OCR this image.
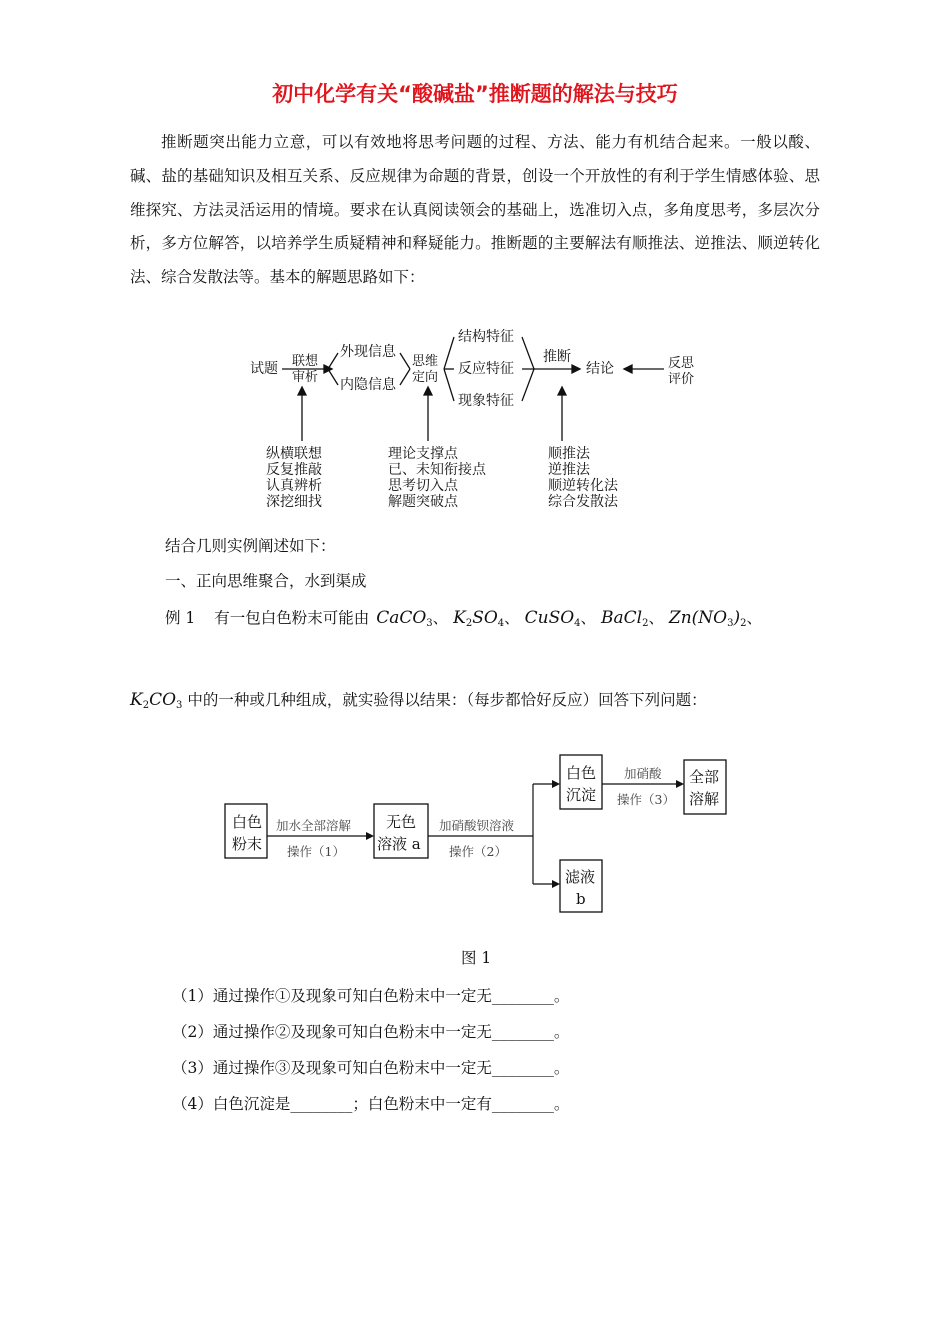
初中化学有关“酸碱盐”推断题的解法与技巧
推断题突出能力立意，可以有效地将思考问题的过程、方法、能力有机结合起来。一般以酸、碱、盐的基础知识及相互关系、反应规律为命题的背景，创设一个开放性的有利于学生情感体验、思维探究、方法灵活运用的情境。要求在认真阅读领会的基础上，选准切入点，多角度思考，多层次分析，多方位解答，以培养学生质疑精神和释疑能力。推断题的主要解法有顺推法、逆推法、顺逆转化法、综合发散法等。基本的解题思路如下：
试题 联想
审析
外现信息
内隐信息
思维
定向
结构特征
反应特征
现象特征
推断
结论	反思
评价
纵横联想
反复推敲
认真辨析
深挖细找
理论支撑点
已、未知衔接点
思考切入点
解题突破点
顺推法
逆推法
顺逆转化法
综合发散法
结合几则实例阐述如下：
一、正向思维聚合，水到渠成
例 1 有一包白色粉末可能由 CaCO$_3$、 $K_2SO_4$、 CuSO$_4$、 BaCl$_2$、 $Zn(NO_3)_2$、
$K_2CO_3$ 中的一种或几种组成，就实验得以结果：（每步都恰好反应）回答下列问题：
白色
粉末
无色
溶液 a
白色
沉淀
全部
溶解
滤液
b
加水全部溶解
操作（1）
加硝酸钡溶液
操作（2）
加硝酸
操作（3）
图 1
（1）通过操作①及现象可知白色粉末中一定无________。
（2）通过操作②及现象可知白色粉末中一定无________。
（3）通过操作③及现象可知白色粉末中一定无________。
（4）白色沉淀是________；白色粉末中一定有________。
